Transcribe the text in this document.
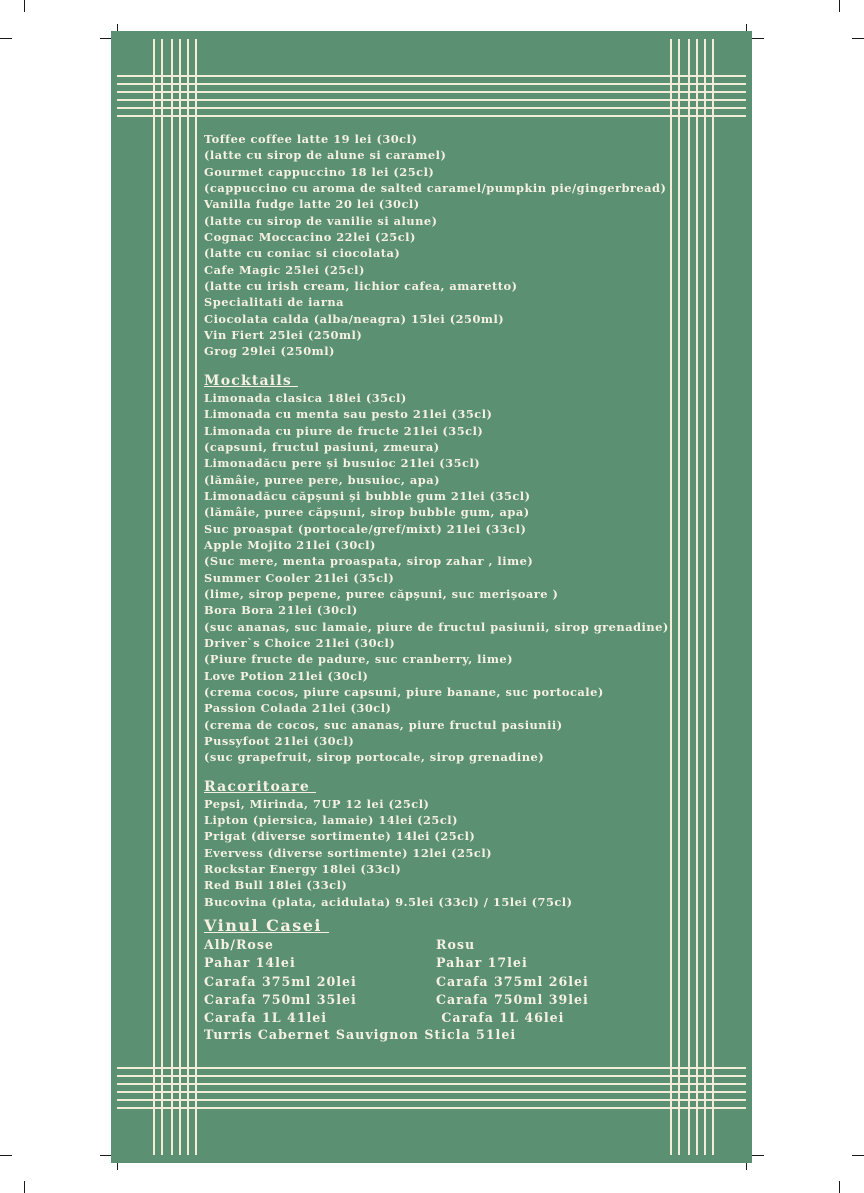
Toffee coffee latte 19 lei (30cl)
(latte cu sirop de alune si caramel)
Gourmet cappuccino 18 lei (25cl)
(cappuccino cu aroma de salted caramel/pumpkin pie/gingerbread)
Vanilla fudge latte 20 lei (30cl)
(latte cu sirop de vanilie si alune)
Cognac Moccacino 22lei (25cl)
(latte cu coniac si ciocolata)
Cafe Magic 25lei (25cl)
(latte cu irish cream, lichior cafea, amaretto)
Specialitati de iarna
Ciocolata calda (alba/neagra) 15lei (250ml)
Vin Fiert 25lei (250ml)
Grog 29lei (250ml)
Mocktails
Limonada clasica 18lei (35cl)
Limonada cu menta sau pesto 21lei (35cl)
Limonada cu piure de fructe 21lei (35cl)
(capsuni, fructul pasiuni, zmeura)
Limonadăcu pere și busuioc 21lei (35cl)
(lămâie, puree pere, busuioc, apa)
Limonadăcu căpșuni și bubble gum 21lei (35cl)
(lămâie, puree căpșuni, sirop bubble gum, apa)
Suc proaspat (portocale/gref/mixt) 21lei (33cl)
Apple Mojito 21lei (30cl)
(Suc mere, menta proaspata, sirop zahar , lime)
Summer Cooler 21lei (35cl)
(lime, sirop pepene, puree căpșuni, suc merișoare )
Bora Bora 21lei (30cl)
(suc ananas, suc lamaie, piure de fructul pasiunii, sirop grenadine)
Driver`s Choice 21lei (30cl)
(Piure fructe de padure, suc cranberry, lime)
Love Potion 21lei (30cl)
(crema cocos, piure capsuni, piure banane, suc portocale)
Passion Colada 21lei (30cl)
(crema de cocos, suc ananas, piure fructul pasiunii)
Pussyfoot 21lei (30cl)
(suc grapefruit, sirop portocale, sirop grenadine)
Racoritoare
Pepsi, Mirinda, 7UP 12 lei (25cl)
Lipton (piersica, lamaie) 14lei (25cl)
Prigat (diverse sortimente) 14lei (25cl)
Evervess (diverse sortimente) 12lei (25cl)
Rockstar Energy 18lei (33cl)
Red Bull 18lei (33cl)
Bucovina (plata, acidulata) 9.5lei (33cl) / 15lei (75cl)
Vinul Casei
Alb/Rose
Pahar 14lei
Carafa 375ml 20lei
Carafa 750ml 35lei
Carafa 1L 41lei
Rosu
Pahar 17lei
Carafa 375ml 26lei
Carafa 750ml 39lei
Carafa 1L 46lei
Turris Cabernet Sauvignon Sticla 51lei
